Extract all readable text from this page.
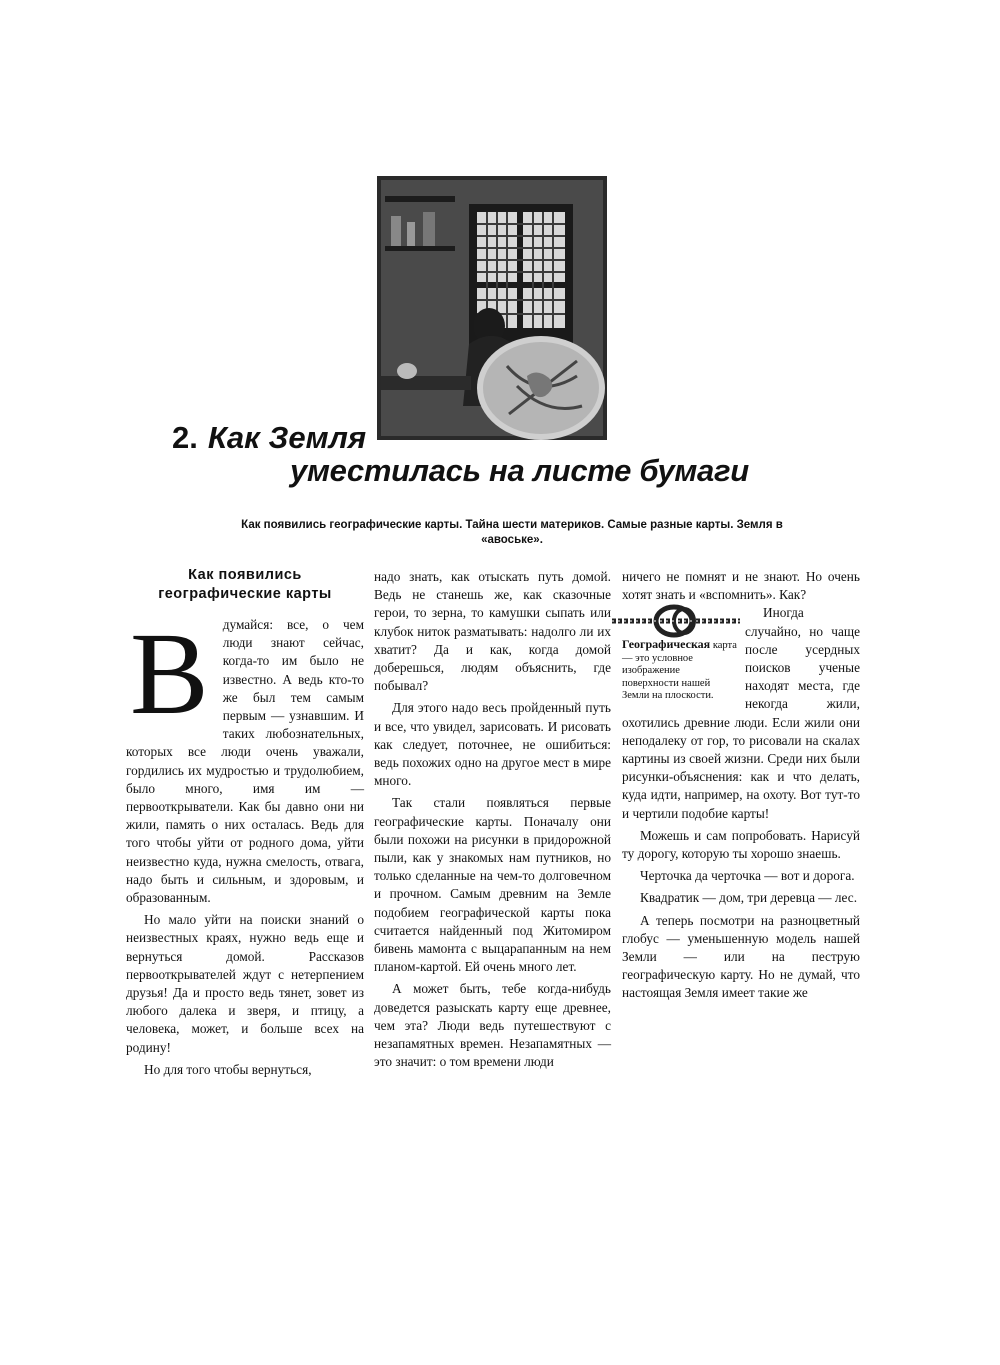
2. Как Земля
уместилась на листе бумаги
Как появились географические карты. Тайна шести материков. Самые разные карты. Земля в «авоське».
Как появились географические карты
В	думайся: все, о чем люди знают сейчас, когда-то им было не известно. А ведь кто-то же был тем самым первым — узнавшим. И таких любознательных, которых все люди очень уважали, гордились их мудростью и трудолюбием, было много, имя им — первооткрыватели. Как бы давно они ни жили, память о них осталась. Ведь для того чтобы уйти от родного дома, уйти неизвестно куда, нужна смелость, отвага, надо быть и сильным, и здоровым, и образованным.

Но мало уйти на поиски знаний о неизвестных краях, нужно ведь еще и вернуться домой. Рассказов первооткрывателей ждут с нетерпением друзья! Да и просто ведь тянет, зовет из любого далека и зверя, и птицу, а человека, может, и больше всех на родину!

Но для того чтобы вернуться,

надо знать, как отыскать путь домой. Ведь не станешь же, как сказочные герои, то зерна, то камушки сыпать или клубок ниток разматывать: надолго ли их хватит? Да и как, когда домой доберешься, людям объяснить, где побывал?

Для этого надо весь пройденный путь и все, что увидел, зарисовать. И рисовать как следует, поточнее, не ошибиться: ведь похожих одно на другое мест в мире много.

Так стали появляться первые географические карты. Поначалу они были похожи на рисунки в придорожной пыли, как у знакомых нам путников, но только сделанные на чем-то долговечном и прочном. Самым древним на Земле подобием географической карты пока считается найденный под Житомиром бивень мамонта с выцарапанным на нем планом-картой. Ей очень много лет.

А может быть, тебе когда-нибудь доведется разыскать карту еще древнее, чем эта? Люди ведь путешествуют с незапамятных времен. Незапамятных — это значит: о том времени люди

ничего не помнят и не знают. Но очень хотят знать и «вспомнить». Как?

Географическая карта — это условное изображение поверхности нашей Земли на плоскости.

Иногда случайно, но чаще после усердных поисков ученые находят места, где некогда жили, охотились древние люди. Если жили они неподалеку от гор, то рисовали на скалах картины из своей жизни. Среди них были рисунки-объяснения: как и что делать, куда идти, например, на охоту. Вот тут-то и чертили подобие карты!

Можешь и сам попробовать. Нарисуй ту дорогу, которую ты хорошо знаешь.

Черточка да черточка — вот и дорога.

Квадратик — дом, три деревца — лес.

А теперь посмотри на разноцветный глобус — уменьшенную модель нашей Земли — или на пеструю географическую карту. Но не думай, что настоящая Земля имеет такие же
